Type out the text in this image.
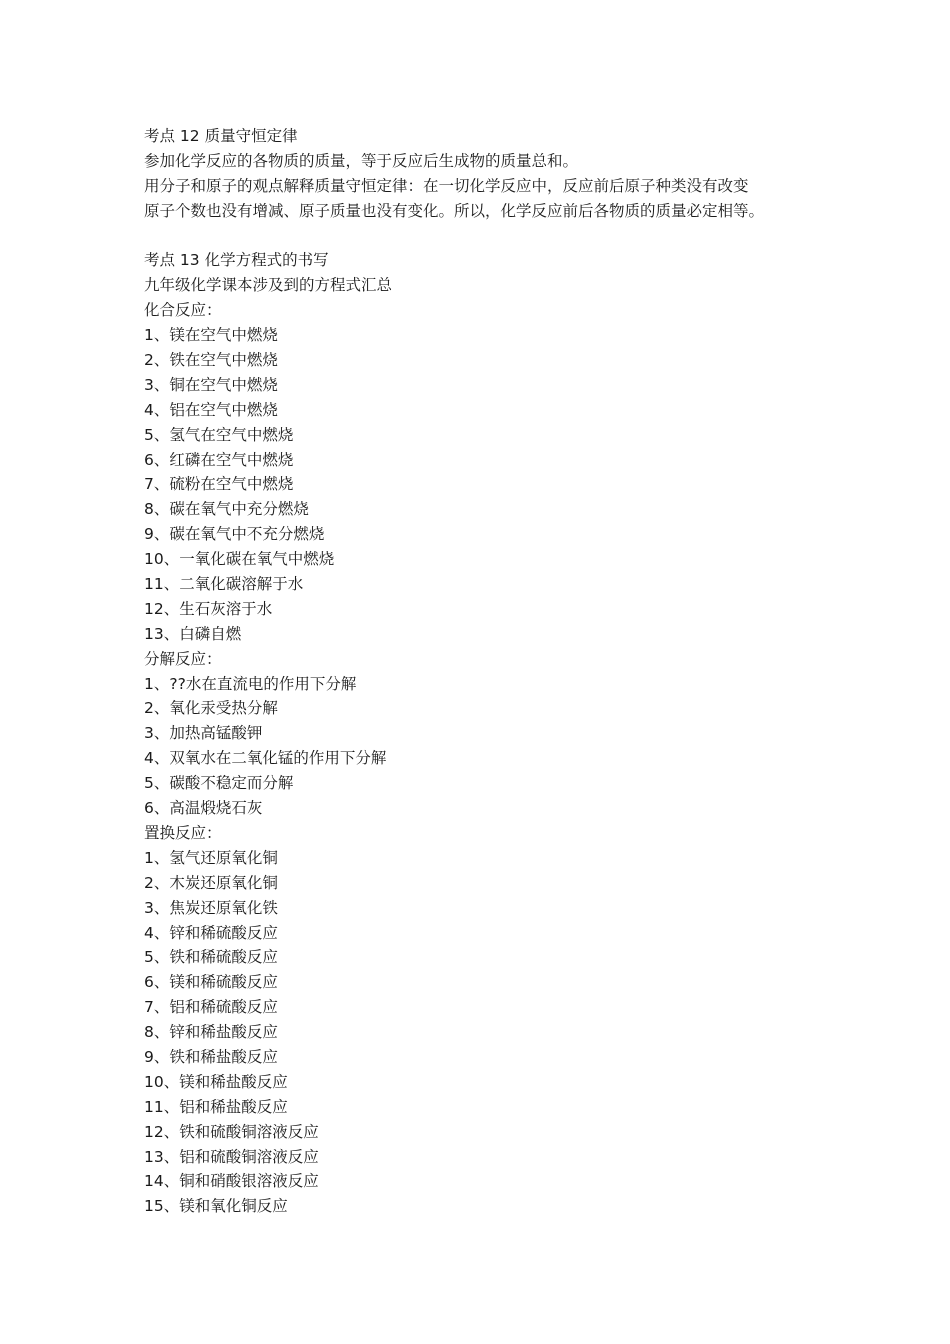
考点 12 质量守恒定律
参加化学反应的各物质的质量，等于反应后生成物的质量总和。
用分子和原子的观点解释质量守恒定律：在一切化学反应中，反应前后原子种类没有改变
原子个数也没有增减、原子质量也没有变化。所以，化学反应前后各物质的质量必定相等。
考点 13 化学方程式的书写
九年级化学课本涉及到的方程式汇总
化合反应：
1、镁在空气中燃烧
2、铁在空气中燃烧
3、铜在空气中燃烧
4、铝在空气中燃烧
5、氢气在空气中燃烧
6、红磷在空气中燃烧
7、硫粉在空气中燃烧
8、碳在氧气中充分燃烧
9、碳在氧气中不充分燃烧
10、一氧化碳在氧气中燃烧
11、二氧化碳溶解于水
12、生石灰溶于水
13、白磷自燃
分解反应：
1、??水在直流电的作用下分解
2、氧化汞受热分解
3、加热高锰酸钾
4、双氧水在二氧化锰的作用下分解
5、碳酸不稳定而分解
6、高温煅烧石灰
置换反应：
1、氢气还原氧化铜
2、木炭还原氧化铜
3、焦炭还原氧化铁
4、锌和稀硫酸反应
5、铁和稀硫酸反应
6、镁和稀硫酸反应
7、铝和稀硫酸反应
8、锌和稀盐酸反应
9、铁和稀盐酸反应
10、镁和稀盐酸反应
11、铝和稀盐酸反应
12、铁和硫酸铜溶液反应
13、铝和硫酸铜溶液反应
14、铜和硝酸银溶液反应
15、镁和氧化铜反应
